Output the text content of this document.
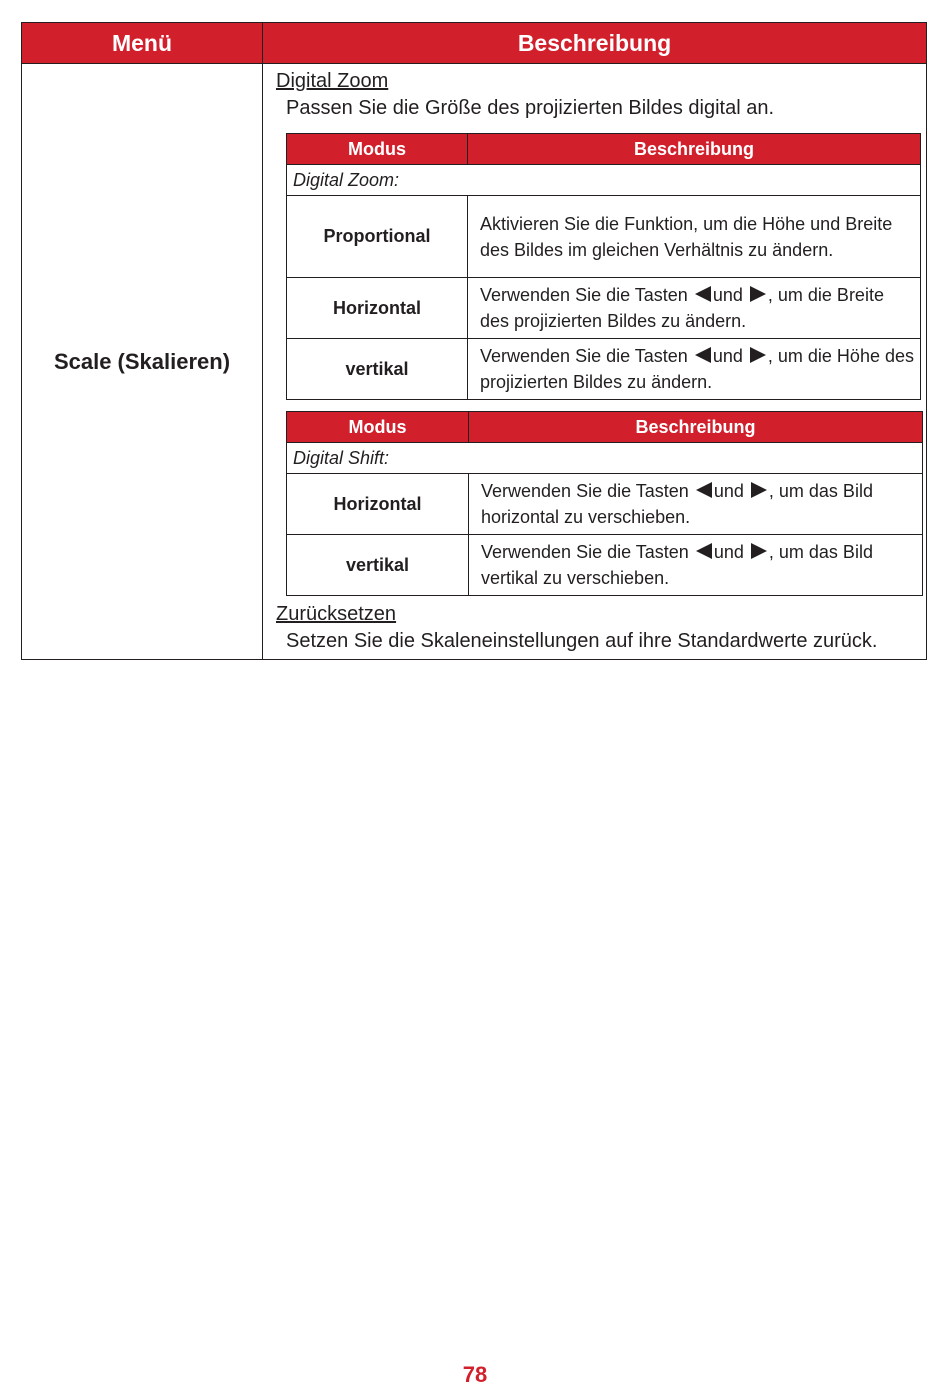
Menü	Beschreibung
Scale (Skalieren)
Digital Zoom
Passen Sie die Größe des projizierten Bildes digital an.
Modus	Beschreibung
Digital Zoom:	
Proportional	Aktivieren Sie die Funktion, um die Höhe und Breite des Bildes im gleichen Verhältnis zu ändern.
Horizontal	Verwenden Sie die Tasten und , um die Breite des projizierten Bildes zu ändern.
vertikal	Verwenden Sie die Tasten und , um die Höhe des projizierten Bildes zu ändern.
Modus	Beschreibung
Digital Shift:	
Horizontal	Verwenden Sie die Tasten und , um das Bild horizontal zu verschieben.
vertikal	Verwenden Sie die Tasten und , um das Bild vertikal zu verschieben.
Zurücksetzen
Setzen Sie die Skaleneinstellungen auf ihre Standardwerte zurück.
78
